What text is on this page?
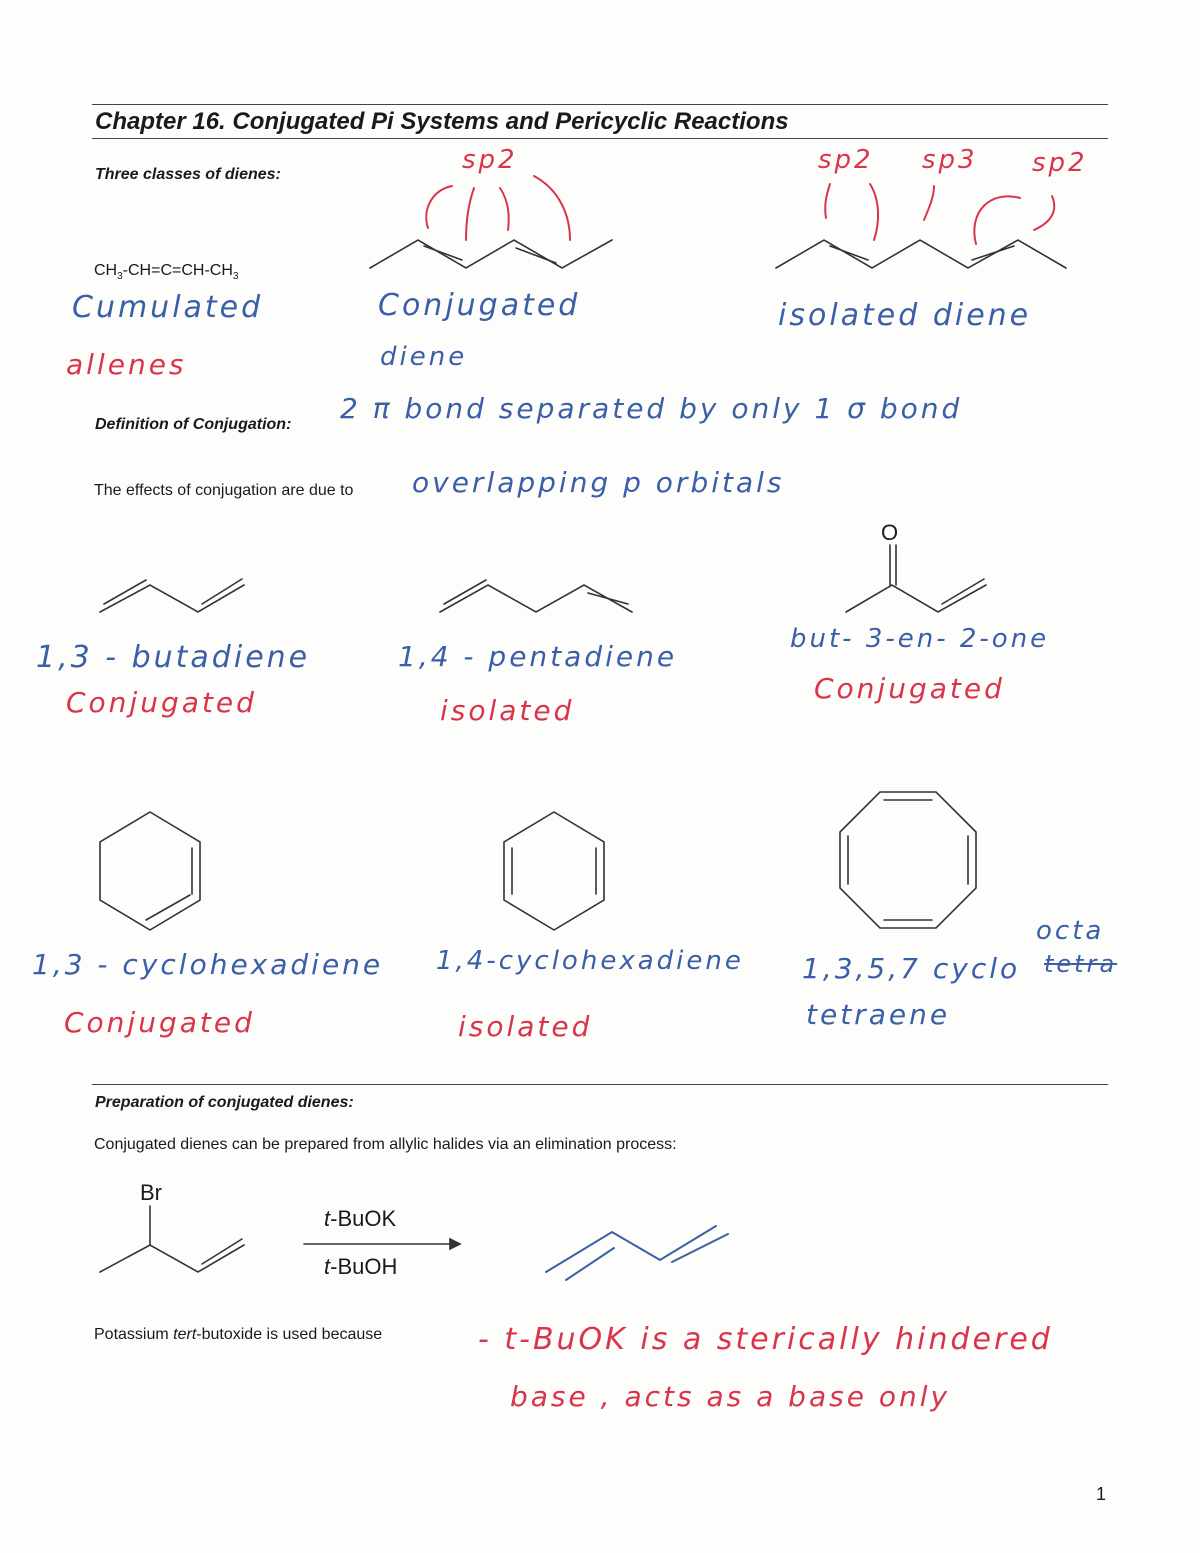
Chapter 16. Conjugated Pi Systems and Pericyclic Reactions
Three classes of dienes:
$CH_3-CH=C=CH-CH_3$
Cumulated
allenes
Conjugated
diene
isolated diene
sp2	sp2 sp3 sp2
Definition of Conjugation: 2 π bond separated by only 1 σ bond
The effects of conjugation are due to overlapping p orbitals
1,3 - butadiene
Conjugated
1,4 - pentadiene
isolated
but- 3-en- 2-one
Conjugated
1,3 - cyclohexadiene
Conjugated
1,4-cyclohexadiene
isolated
1,3,5,7 cyclo tetra
octa
tetraene
Preparation of conjugated dienes:
Conjugated dienes can be prepared from allylic halides via an elimination process:
Br
t-BuOK
t-BuOH
Potassium tert-butoxide is used because	- t-BuOK is a sterically hindered
base , acts as a base only
O
1
